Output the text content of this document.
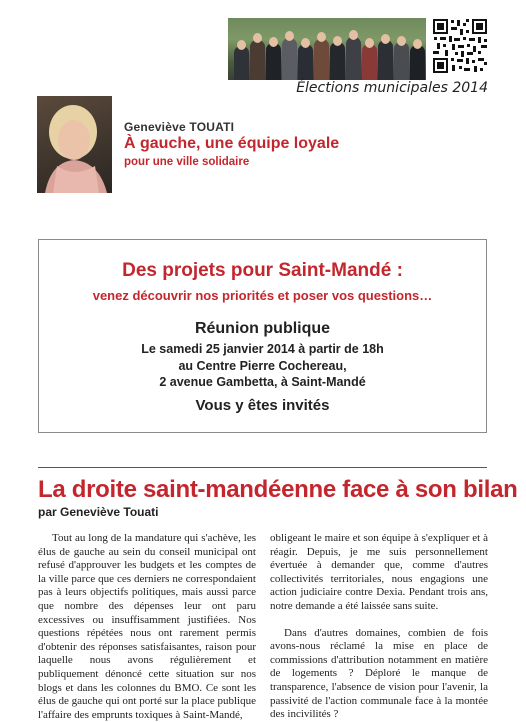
Élections municipales 2014
Geneviève TOUATI
À gauche, une équipe loyale
pour une ville solidaire
Des projets pour Saint-Mandé :
venez découvrir nos priorités et poser vos questions…
Réunion publique
Le samedi 25 janvier 2014 à partir de 18h
au Centre Pierre Cochereau,
2 avenue Gambetta, à Saint-Mandé
Vous y êtes invités
La droite saint-mandéenne face à son bilan
par Geneviève Touati

Tout au long de la mandature qui s'achève, les élus de gauche au sein du conseil municipal ont refusé d'approuver les budgets et les comptes de la ville parce que ces derniers ne correspondaient pas à leurs objectifs politiques, mais aussi parce que nombre des dépenses leur ont paru excessives ou insuffisamment justifiées. Nos questions répétées nous ont rarement permis d'obtenir des réponses satisfaisantes, raison pour laquelle nous avons régulièrement et publiquement dénoncé cette situation sur nos blogs et dans les colonnes du BMO. Ce sont les élus de gauche qui ont porté sur la place publique l'affaire des emprunts toxiques à Saint-Mandé,

obligeant le maire et son équipe à s'expliquer et à réagir. Depuis, je me suis personnellement évertuée à demander que, comme d'autres collectivités territoriales, nous engagions une action judiciaire contre Dexia. Pendant trois ans, notre demande a été laissée sans suite.

Dans d'autres domaines, combien de fois avons-nous réclamé la mise en place de commissions d'attribution notamment en matière de logements ? Déploré le manque de transparence, l'absence de vision pour l'avenir, la passivité de l'action communale face à la montée des incivilités ?
